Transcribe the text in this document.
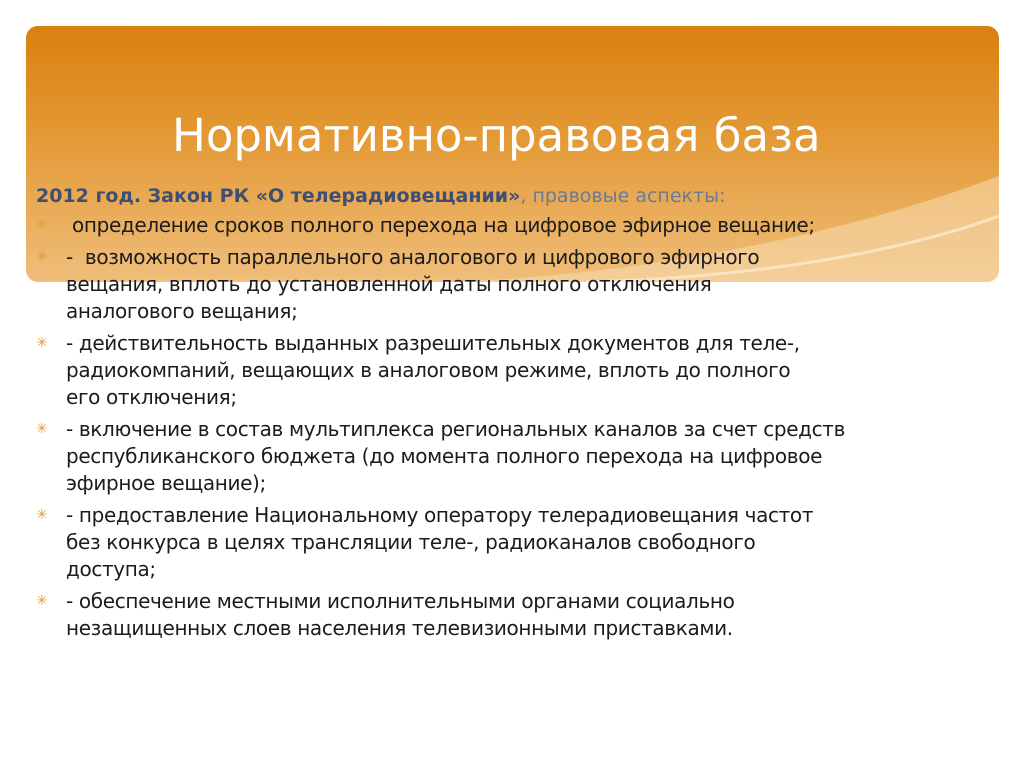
Нормативно-правовая база

2012 год. Закон РК «О телерадиовещании», правовые аспекты:

✳ определение сроков полного перехода на цифровое эфирное вещание;
✳ -  возможность параллельного аналогового и цифрового эфирного
вещания, вплоть до установленной даты полного отключения
аналогового вещания;
✳ - действительность выданных разрешительных документов для теле-,
радиокомпаний, вещающих в аналоговом режиме, вплоть до полного
его отключения;
✳ - включение в состав мультиплекса региональных каналов за счет средств
республиканского бюджета (до момента полного перехода на цифровое
эфирное вещание);
✳ - предоставление Национальному оператору телерадиовещания частот
без конкурса в целях трансляции теле-, радиоканалов свободного
доступа;
✳ - обеспечение местными исполнительными органами социально
незащищенных слоев населения телевизионными приставками.
